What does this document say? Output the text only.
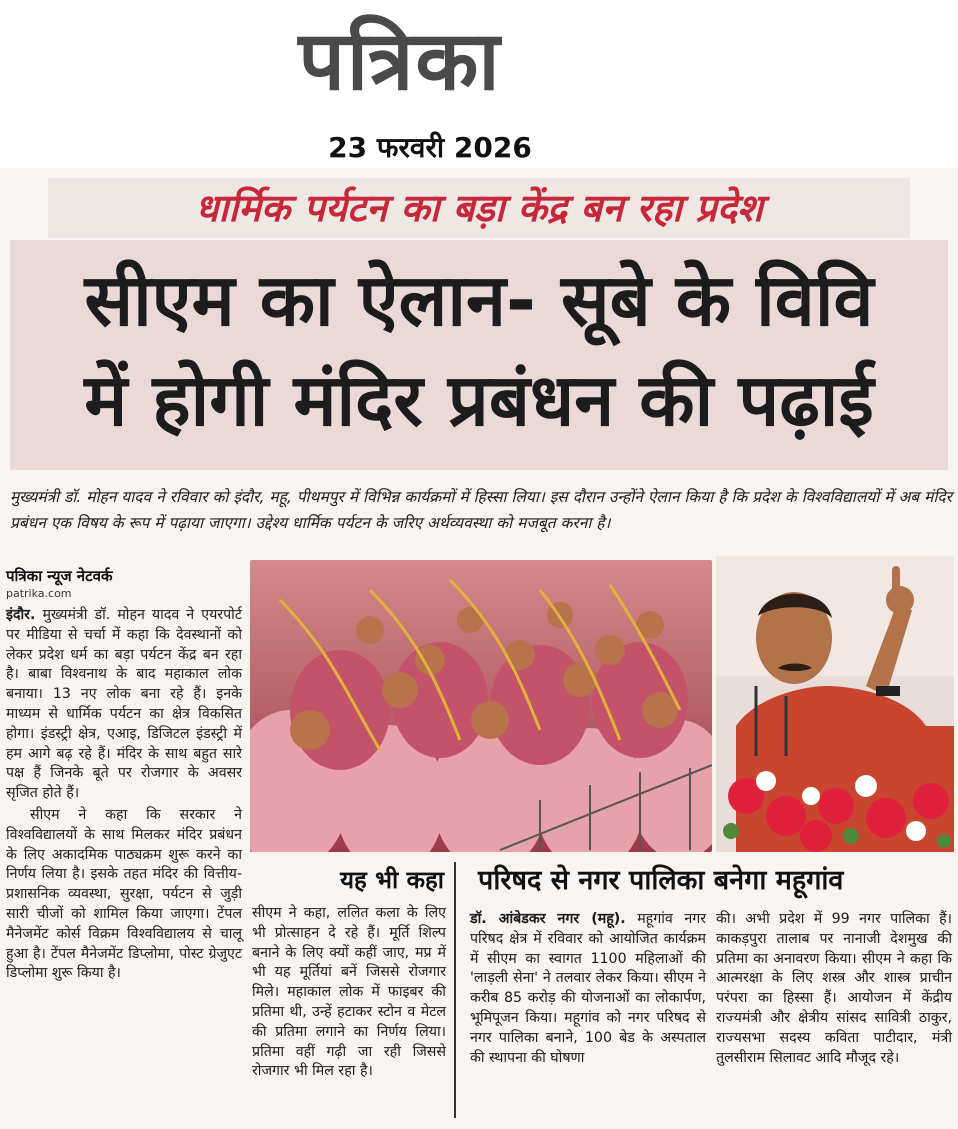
पत्रिका
23 फरवरी 2026
धार्मिक पर्यटन का बड़ा केंद्र बन रहा प्रदेश
सीएम का ऐलान- सूबे के विवि
में होगी मंदिर प्रबंधन की पढ़ाई
मुख्यमंत्री डॉ. मोहन यादव ने रविवार को इंदौर, महू, पीथमपुर में विभिन्न कार्यक्रमों में हिस्सा लिया। इस दौरान उन्होंने ऐलान किया है कि प्रदेश के विश्वविद्यालयों में अब मंदिर प्रबंधन एक विषय के रूप में पढ़ाया जाएगा। उद्देश्य धार्मिक पर्यटन के जरिए अर्थव्यवस्था को मजबूत करना है।
पत्रिका न्यूज नेटवर्क
patrika.com

इंदौर. मुख्यमंत्री डॉ. मोहन यादव ने एयरपोर्ट पर मीडिया से चर्चा में कहा कि देवस्थानों को लेकर प्रदेश धर्म का बड़ा पर्यटन केंद्र बन रहा है। बाबा विश्वनाथ के बाद महाकाल लोक बनाया। 13 नए लोक बना रहे हैं। इनके माध्यम से धार्मिक पर्यटन का क्षेत्र विकसित होगा। इंडस्ट्री क्षेत्र, एआइ, डिजिटल इंडस्ट्री में हम आगे बढ़ रहे हैं। मंदिर के साथ बहुत सारे पक्ष हैं जिनके बूते पर रोजगार के अवसर सृजित होते हैं।

सीएम ने कहा कि सरकार ने विश्वविद्यालयों के साथ मिलकर मंदिर प्रबंधन के लिए अकादमिक पाठ्यक्रम शुरू करने का निर्णय लिया है। इसके तहत मंदिर की वित्तीय-प्रशासनिक व्यवस्था, सुरक्षा, पर्यटन से जुड़ी सारी चीजों को शामिल किया जाएगा। टेंपल मैनेजमेंट कोर्स विक्रम विश्वविद्यालय से चालू हुआ है। टेंपल मैनेजमेंट डिप्लोमा, पोस्ट ग्रेजुएट डिप्लोमा शुरू किया है।

यह भी कहा
सीएम ने कहा, ललित कला के लिए भी प्रोत्साहन दे रहे हैं। मूर्ति शिल्प बनाने के लिए क्यों कहीं जाए, मप्र में भी यह मूर्तियां बनें जिससे रोजगार मिले। महाकाल लोक में फाइबर की प्रतिमा थी, उन्हें हटाकर स्टोन व मेटल की प्रतिमा लगाने का निर्णय लिया। प्रतिमा वहीं गढ़ी जा रही जिससे रोजगार भी मिल रहा है।
परिषद से नगर पालिका बनेगा महूगांव
डॉ. आंबेडकर नगर (महू). महूगांव नगर परिषद क्षेत्र में रविवार को आयोजित कार्यक्रम में सीएम का स्वागत 1100 महिलाओं की 'लाड़ली सेना' ने तलवार लेकर किया। सीएम ने करीब 85 करोड़ की योजनाओं का लोकार्पण, भूमिपूजन किया। महूगांव को नगर परिषद से नगर पालिका बनाने, 100 बेड के अस्पताल की स्थापना की घोषणा
की। अभी प्रदेश में 99 नगर पालिका हैं। काकड़पुरा तालाब पर नानाजी देशमुख की प्रतिमा का अनावरण किया। सीएम ने कहा कि आत्मरक्षा के लिए शस्त्र और शास्त्र प्राचीन परंपरा का हिस्सा हैं। आयोजन में केंद्रीय राज्यमंत्री और क्षेत्रीय सांसद सावित्री ठाकुर, राज्यसभा सदस्य कविता पाटीदार, मंत्री तुलसीराम सिलावट आदि मौजूद रहे।
